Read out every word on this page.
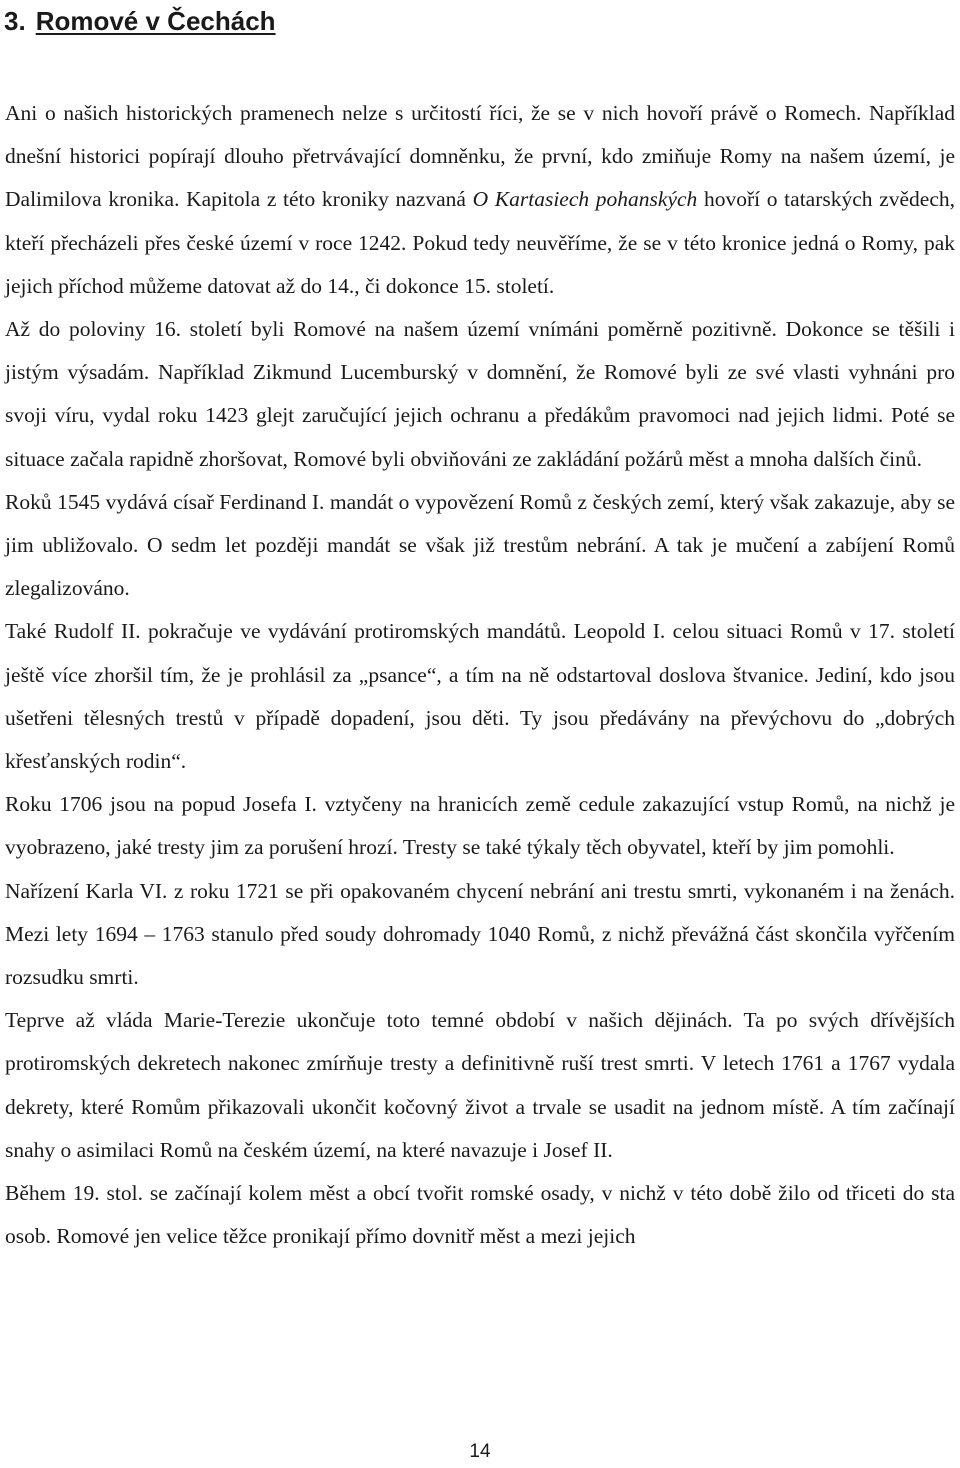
3. Romové v Čechách

Ani o našich historických pramenech nelze s určitostí říci, že se v nich hovoří právě o Romech. Například dnešní historici popírají dlouho přetrvávající domněnku, že první, kdo zmiňuje Romy na našem území, je Dalimilova kronika. Kapitola z této kroniky nazvaná O Kartasiech pohanských hovoří o tatarských zvědech, kteří přecházeli přes české území v roce 1242. Pokud tedy neuvěříme, že se v této kronice jedná o Romy, pak jejich příchod můžeme datovat až do 14., či dokonce 15. století.

Až do poloviny 16. století byli Romové na našem území vnímáni poměrně pozitivně. Dokonce se těšili i jistým výsadám. Například Zikmund Lucemburský v domnění, že Romové byli ze své vlasti vyhnáni pro svoji víru, vydal roku 1423 glejt zaručující jejich ochranu a předákům pravomoci nad jejich lidmi. Poté se situace začala rapidně zhoršovat, Romové byli obviňováni ze zakládání požárů měst a mnoha dalších činů.

Roků 1545 vydává císař Ferdinand I. mandát o vypovězení Romů z českých zemí, který však zakazuje, aby se jim ubližovalo. O sedm let později mandát se však již trestům nebrání. A tak je mučení a zabíjení Romů zlegalizováno.

Také Rudolf II. pokračuje ve vydávání protiromských mandátů. Leopold I. celou situaci Romů v 17. století ještě více zhoršil tím, že je prohlásil za „psance“, a tím na ně odstartoval doslova štvanice. Jediní, kdo jsou ušetřeni tělesných trestů v případě dopadení, jsou děti. Ty jsou předávány na převýchovu do „dobrých křesťanských rodin“.

Roku 1706 jsou na popud Josefa I. vztyčeny na hranicích země cedule zakazující vstup Romů, na nichž je vyobrazeno, jaké tresty jim za porušení hrozí. Tresty se také týkaly těch obyvatel, kteří by jim pomohli.

Nařízení Karla VI. z roku 1721 se při opakovaném chycení nebrání ani trestu smrti, vykonaném i na ženách. Mezi lety 1694 – 1763 stanulo před soudy dohromady 1040 Romů, z nichž převážná část skončila vyřčením rozsudku smrti.

Teprve až vláda Marie-Terezie ukončuje toto temné období v našich dějinách. Ta po svých dřívějších protiromských dekretech nakonec zmírňuje tresty a definitivně ruší trest smrti. V letech 1761 a 1767 vydala dekrety, které Romům přikazovali ukončit kočovný život a trvale se usadit na jednom místě. A tím začínají snahy o asimilaci Romů na českém území, na které navazuje i Josef II.

Během 19. stol. se začínají kolem měst a obcí tvořit romské osady, v nichž v této době žilo od třiceti do sta osob. Romové jen velice těžce pronikají přímo dovnitř měst a mezi jejich

14
